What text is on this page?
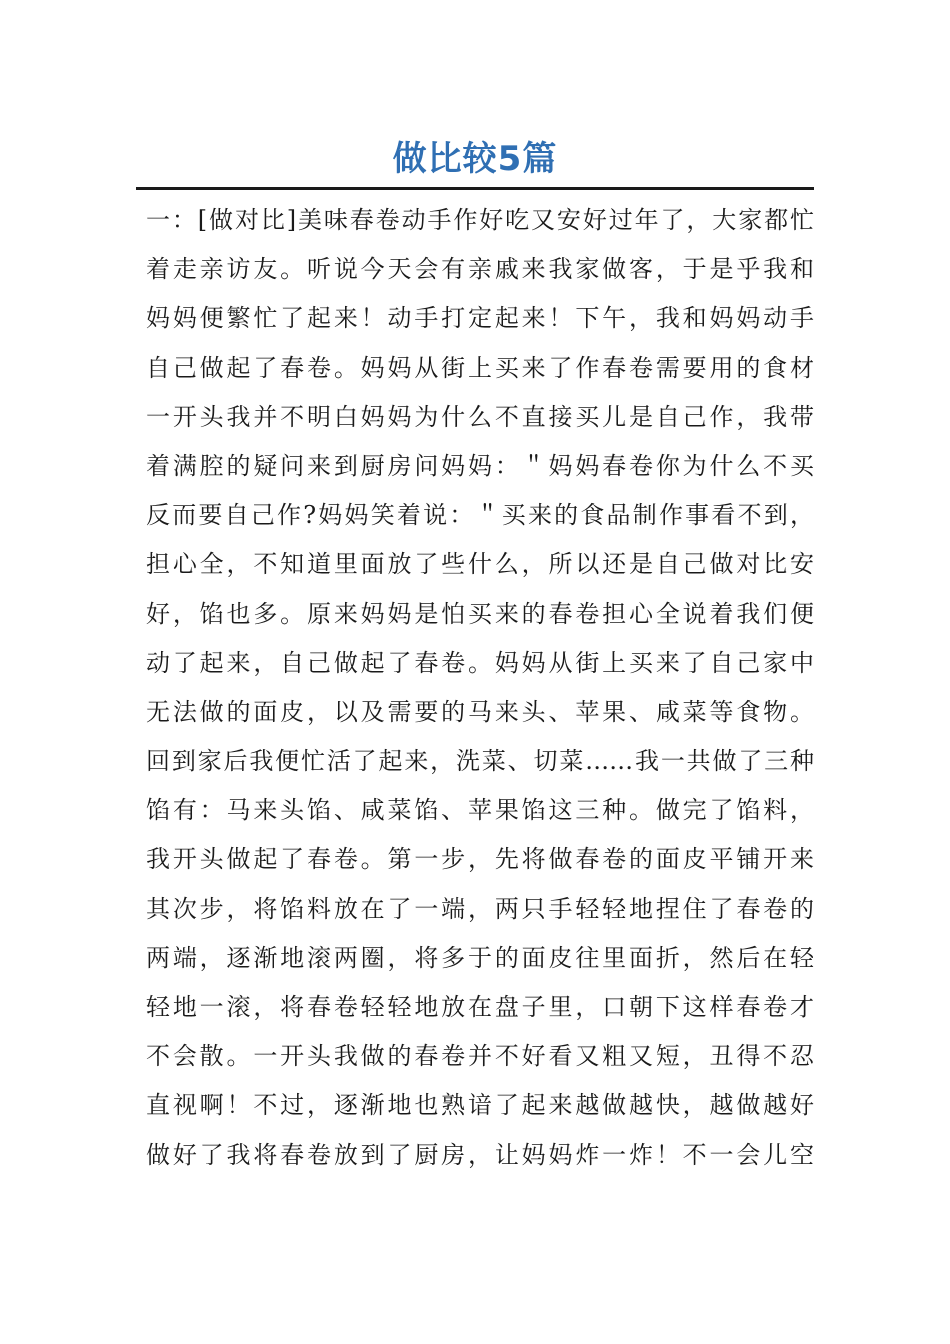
做比较5篇
一：[做对比]美味春卷动手作好吃又安好过年了，大家都忙
着走亲访友。听说今天会有亲戚来我家做客，于是乎我和
妈妈便繁忙了起来！动手打定起来！下午，我和妈妈动手
自己做起了春卷。妈妈从街上买来了作春卷需要用的食材
一开头我并不明白妈妈为什么不直接买儿是自己作，我带
着满腔的疑问来到厨房问妈妈：＂妈妈春卷你为什么不买
反而要自己作?妈妈笑着说：＂买来的食品制作事看不到，
担心全，不知道里面放了些什么，所以还是自己做对比安
好，馅也多。原来妈妈是怕买来的春卷担心全说着我们便
动了起来，自己做起了春卷。妈妈从街上买来了自己家中
无法做的面皮，以及需要的马来头、苹果、咸菜等食物。
回到家后我便忙活了起来，洗菜、切菜……我一共做了三种
馅有：马来头馅、咸菜馅、苹果馅这三种。做完了馅料，
我开头做起了春卷。第一步，先将做春卷的面皮平铺开来
其次步，将馅料放在了一端，两只手轻轻地捏住了春卷的
两端，逐渐地滚两圈，将多于的面皮往里面折，然后在轻
轻地一滚，将春卷轻轻地放在盘子里，口朝下这样春卷才
不会散。一开头我做的春卷并不好看又粗又短，丑得不忍
直视啊！不过，逐渐地也熟谙了起来越做越快，越做越好
做好了我将春卷放到了厨房，让妈妈炸一炸！不一会儿空
